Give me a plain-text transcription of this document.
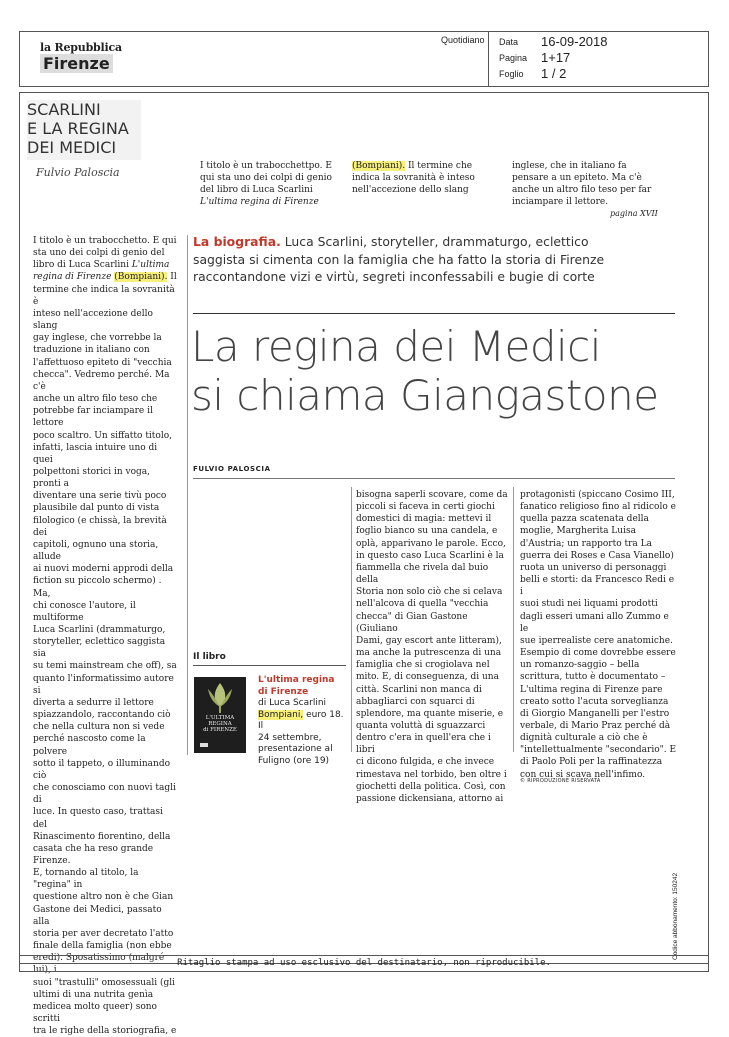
la Repubblica
Firenze
Quotidiano Data 16-09-2018
Pagina 1+17
Foglio 1 / 2
SCARLINI
E LA REGINA
DEI MEDICI
Fulvio Paloscia	I titolo è un trabocchettpo. E
qui sta uno dei colpi di genio
del libro di Luca Scarlini
L'ultima regina di Firenze
(Bompiani). Il termine che
indica la sovranità è inteso
nell'accezione dello slang
inglese, che in italiano fa
pensare a un epiteto. Ma c'è
anche un altro filo teso per far
inciampare il lettore.
pagina XVII
I titolo è un trabocchetto. E qui
sta uno dei colpi di genio del
libro di Luca Scarlini L'ultima
regina di Firenze (Bompiani). Il
termine che indica la sovranità è
inteso nell'accezione dello slang
gay inglese, che vorrebbe la
traduzione in italiano con
l'affettuoso epiteto di "vecchia
checca". Vedremo perché. Ma c'è
anche un altro filo teso che
potrebbe far inciampare il lettore
poco scaltro. Un siffatto titolo,
infatti, lascia intuire uno di quei
polpettoni storici in voga, pronti a
diventare una serie tivù poco
plausibile dal punto di vista
filologico (e chissà, la brevità dei
capitoli, ognuno una storia, allude
ai nuovi moderni approdi della
fiction su piccolo schermo) . Ma,
chi conosce l'autore, il multiforme
Luca Scarlini (drammaturgo,
storyteller, eclettico saggista sia
su temi mainstream che off), sa
quanto l'informatissimo autore si
diverta a sedurre il lettore
spiazzandolo, raccontando ciò
che nella cultura non si vede
perché nascosto come la polvere
sotto il tappeto, o illuminando ciò
che conosciamo con nuovi tagli di
luce. In questo caso, trattasi del
Rinascimento fiorentino, della
casata che ha reso grande Firenze.
E, tornando al titolo, la "regina" in
questione altro non è che Gian
Gastone dei Medici, passato alla
storia per aver decretato l'atto
finale della famiglia (non ebbe
eredi). Sposatissimo (malgré lui), i
suoi "trastulli" omosessuali (gli
ultimi di una nutrita genìa
medicea molto queer) sono scritti
tra le righe della storiografia, e
La biografia. Luca Scarlini, storyteller, drammaturgo, eclettico saggista si cimenta con la famiglia che ha fatto la storia di Firenze raccontandone vizi e virtù, segreti inconfessabili e bugie di corte
La regina dei Medici
si chiama Giangastone
FULVIO PALOSCIA
Il libro
L'ULTIMA
REGINA
di FIRENZE
L'ultima regina di Firenze
di Luca Scarlini
Bompiani, euro 18. Il
24 settembre,
presentazione al
Fuligno (ore 19)
bisogna saperli scovare, come da
piccoli si faceva in certi giochi
domestici di magia: mettevi il
foglio bianco su una candela, e
oplà, apparivano le parole. Ecco,
in questo caso Luca Scarlini è la
fiammella che rivela dal buio della
Storia non solo ciò che si celava
nell'alcova di quella "vecchia
checca" di Gian Gastone (Giuliano
Dami, gay escort ante litteram),
ma anche la putrescenza di una
famiglia che si crogiolava nel
mito. E, di conseguenza, di una
città. Scarlini non manca di
abbagliarci con squarci di
splendore, ma quante miserie, e
quanta voluttà di sguazzarci
dentro c'era in quell'era che i libri
ci dicono fulgida, e che invece
rimestava nel torbido, ben oltre i
giochetti della politica. Così, con
passione dickensiana, attorno ai
protagonisti (spiccano Cosimo III,
fanatico religioso fino al ridicolo e
quella pazza scatenata della
moglie, Margherita Luisa
d'Austria; un rapporto tra La
guerra dei Roses e Casa Vianello)
ruota un universo di personaggi
belli e storti: da Francesco Redi e i
suoi studi nei liquami prodotti
dagli esseri umani allo Zummo e le
sue iperrealiste cere anatomiche.
Esempio di come dovrebbe essere
un romanzo-saggio – bella
scrittura, tutto è documentato –
L'ultima regina di Firenze pare
creato sotto l'acuta sorveglianza
di Giorgio Manganelli per l'estro
verbale, di Mario Praz perché dà
dignità culturale a ciò che è
"intellettualmente "secondario". E
di Paolo Poli per la raffinatezza
con cui si scava nell'infimo.
© RIPRODUZIONE RISERVATA
Ritaglio stampa ad uso esclusivo del destinatario, non riproducibile.
Codice abbonamento: 150242
